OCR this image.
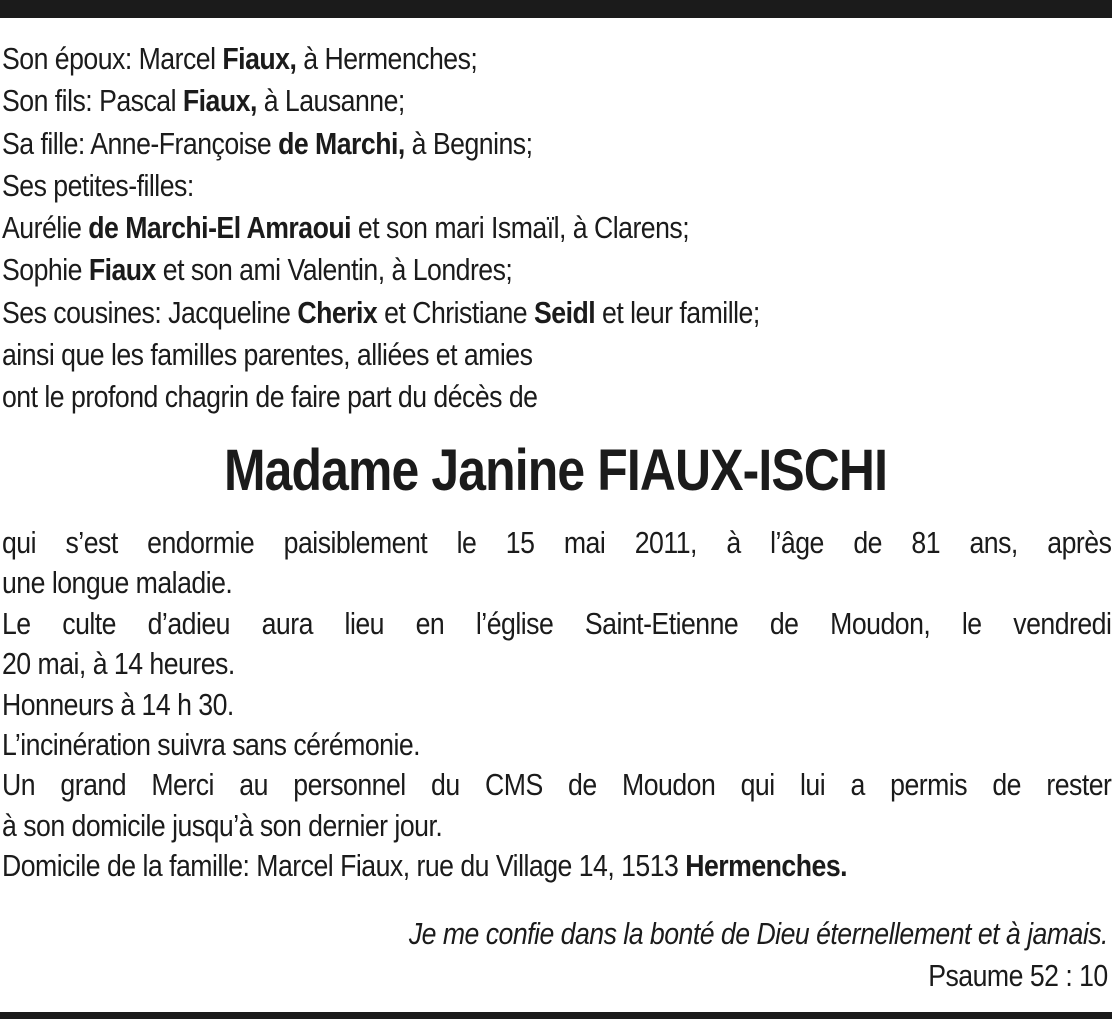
Son époux: Marcel Fiaux, à Hermenches;
Son fils: Pascal Fiaux, à Lausanne;
Sa fille: Anne-Françoise de Marchi, à Begnins;
Ses petites-filles:
Aurélie de Marchi-El Amraoui et son mari Ismaïl, à Clarens;
Sophie Fiaux et son ami Valentin, à Londres;
Ses cousines: Jacqueline Cherix et Christiane Seidl et leur famille;
ainsi que les familles parentes, alliées et amies
ont le profond chagrin de faire part du décès de
Madame Janine FIAUX-ISCHI
qui s’est endormie paisiblement le 15 mai 2011, à l’âge de 81 ans, après
une longue maladie.
Le culte d’adieu aura lieu en l’église Saint-Etienne de Moudon, le vendredi
20 mai, à 14 heures.
Honneurs à 14 h 30.
L’incinération suivra sans cérémonie.
Un grand Merci au personnel du CMS de Moudon qui lui a permis de rester
à son domicile jusqu’à son dernier jour.
Domicile de la famille: Marcel Fiaux, rue du Village 14, 1513 Hermenches.
Je me confie dans la bonté de Dieu éternellement et à jamais.
Psaume 52 : 10
